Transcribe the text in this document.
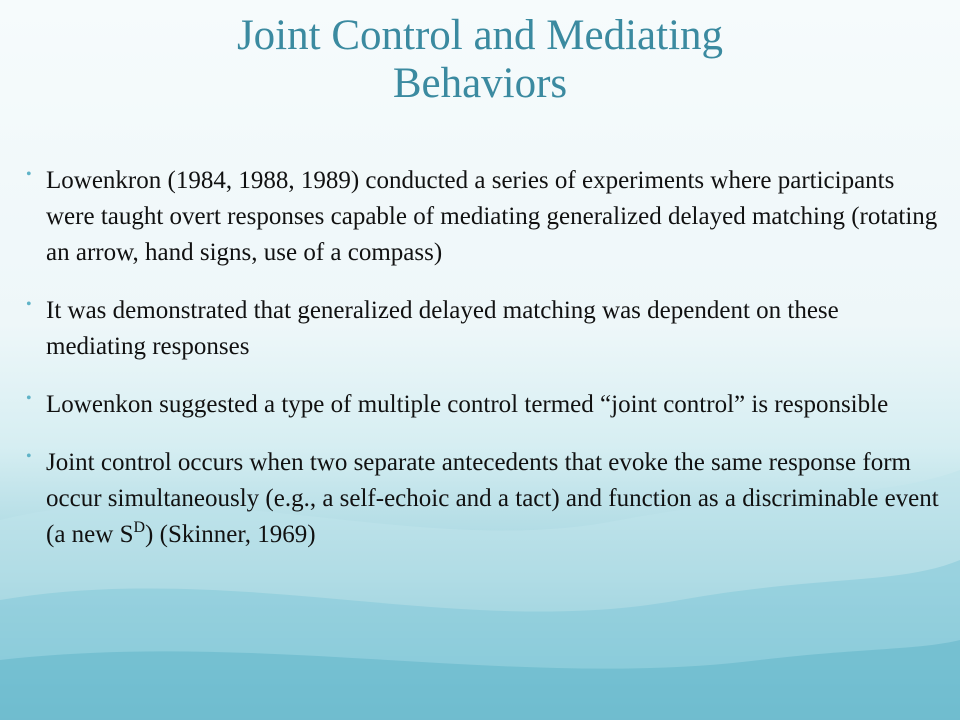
Joint Control and Mediating
Behaviors
• Lowenkron (1984, 1988, 1989) conducted a series of experiments where participants were taught overt responses capable of mediating generalized delayed matching (rotating an arrow, hand signs, use of a compass)
• It was demonstrated that generalized delayed matching was dependent on these mediating responses
• Lowenkon suggested a type of multiple control termed “joint control” is responsible
• Joint control occurs when two separate antecedents that evoke the same response form occur simultaneously (e.g., a self-echoic and a tact) and function as a discriminable event (a new $S^D$) (Skinner, 1969)
